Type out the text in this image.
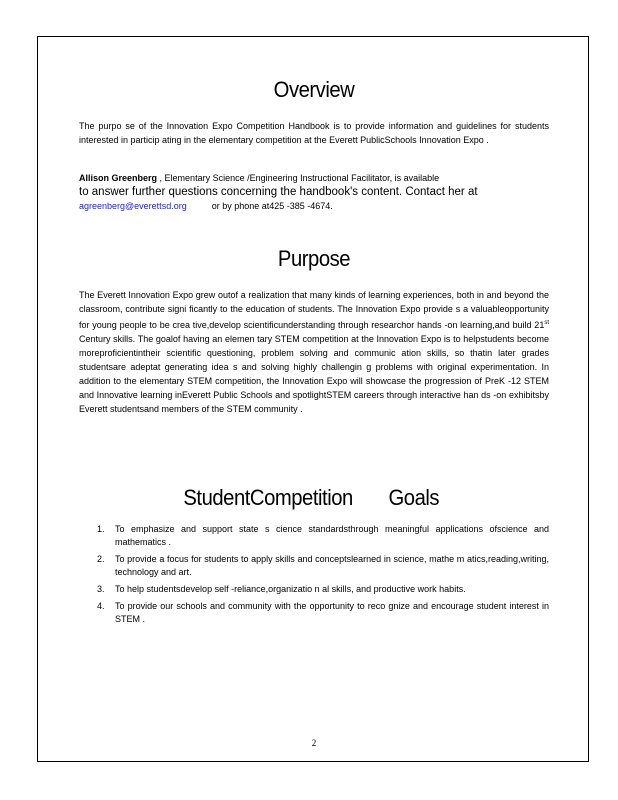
Overview
The purpo se of the Innovation Expo Competition Handbook is to provide information and guidelines for students interested in particip ating in the elementary competition at the Everett PublicSchools Innovation Expo .
Allison Greenberg , Elementary Science /Engineering Instructional Facilitator, is available
to answer further questions concerning the handbook's content. Contact her at
agreenberg@everettsd.org	or by phone at425 -385 -4674.
Purpose
The Everett Innovation Expo grew outof a realization that many kinds of learning experiences, both in and beyond the classroom, contribute signi ficantly to the education of students. The Innovation Expo provide s a valuableopportunity for young people to be crea tive,develop scientificunderstanding through researchor hands -on learning,and build 21st Century skills. The goalof having an elemen tary STEM competition at the Innovation Expo is to helpstudents become moreproficientintheir scientific questioning, problem solving and communic ation skills, so thatin later grades studentsare adeptat generating idea s and solving highly challengin g problems with original experimentation. In addition to the elementary STEM competition, the Innovation Expo will showcase the progression of PreK -12 STEM and Innovative learning inEverett Public Schools and spotlightSTEM careers through interactive han ds -on exhibitsby Everett studentsand members of the STEM community .
StudentCompetition Goals
1. To emphasize and support state s cience standardsthrough meaningful applications ofscience and mathematics .
2. To provide a focus for students to apply skills and conceptslearned in science, mathe m atics,reading,writing, technology and art.
3. To help studentsdevelop self -reliance,organizatio n al skills, and productive work habits.
4. To provide our schools and community with the opportunity to reco gnize and encourage student interest in STEM .
2
